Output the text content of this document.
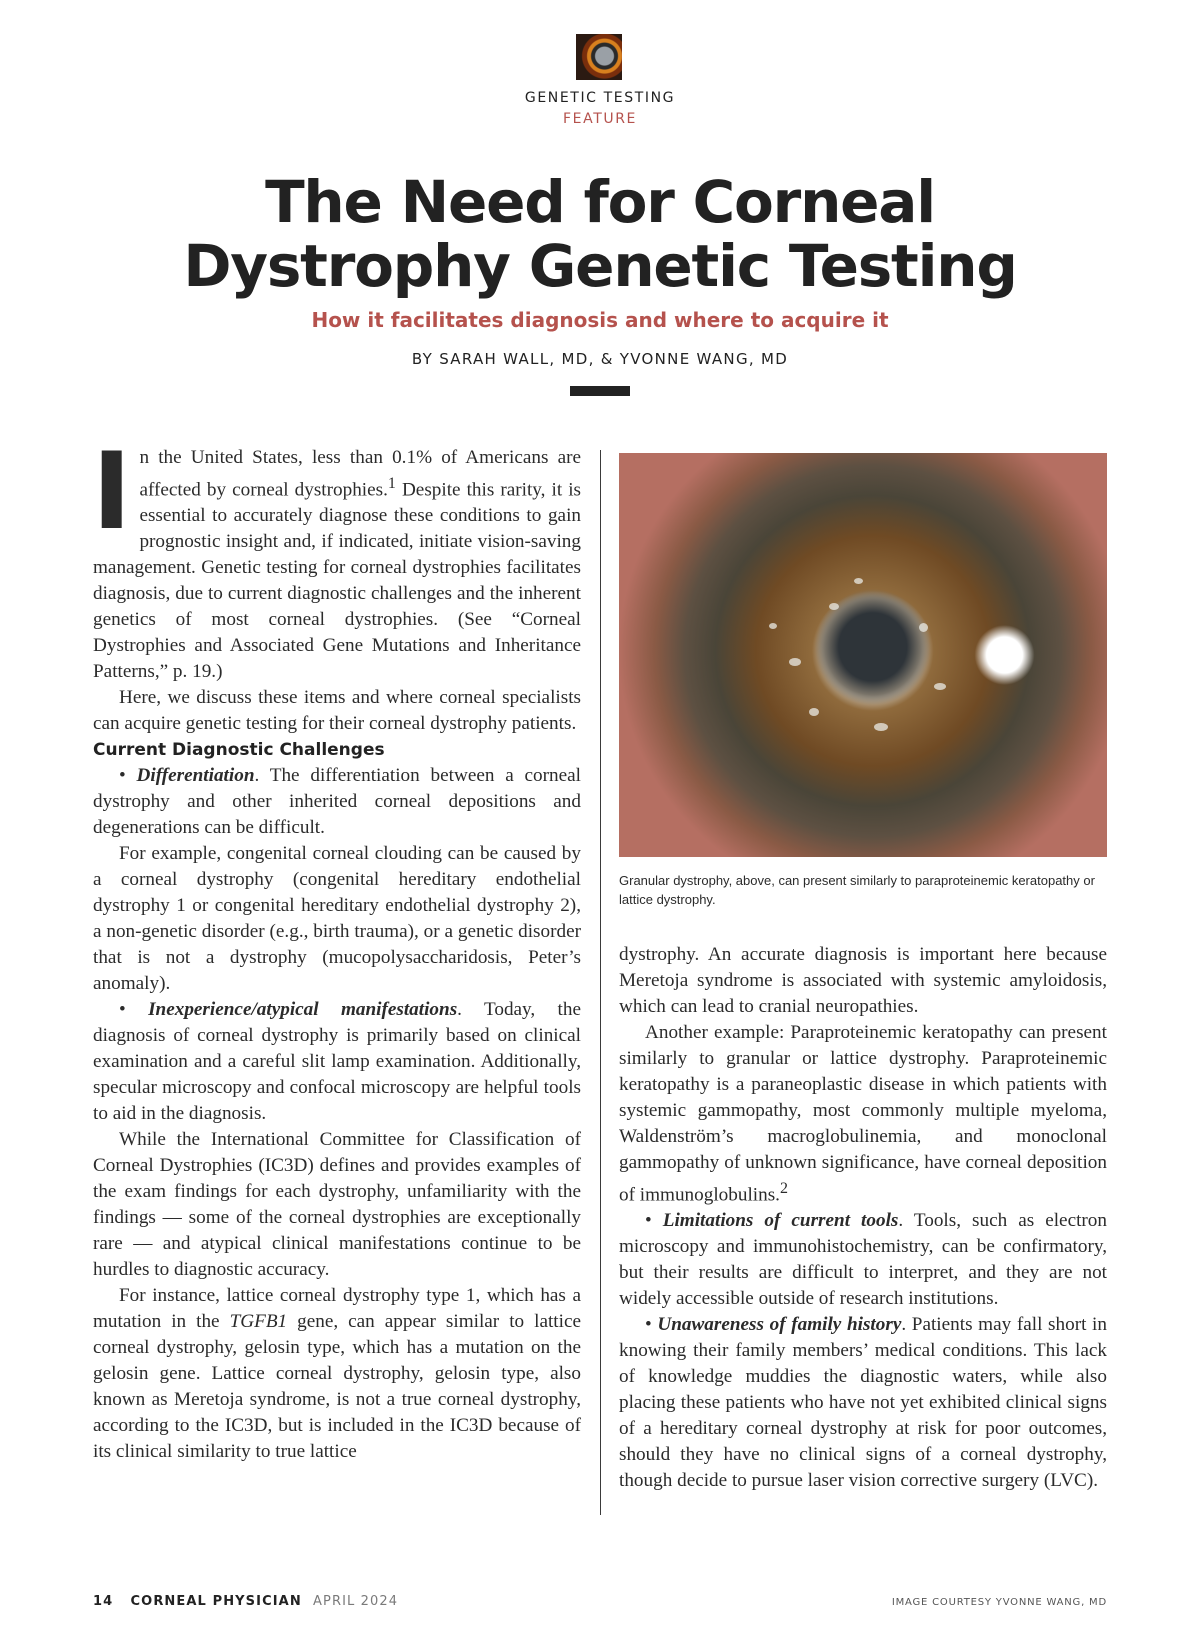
GENETIC TESTING
FEATURE
The Need for Corneal
Dystrophy Genetic Testing
How it facilitates diagnosis and where to acquire it
BY SARAH WALL, MD, & YVONNE WANG, MD

In the United States, less than 0.1% of Americans are affected by corneal dystrophies.$^1$ Despite this rarity, it is essential to accurately diagnose these conditions to gain prognostic insight and, if indicated, initiate vision-saving management. Genetic testing for corneal dystrophies facilitates diagnosis, due to current diagnostic challenges and the inherent genetics of most corneal dystrophies. (See “Corneal Dystrophies and Associated Gene Mutations and Inheritance Patterns,” p. 19.)

Here, we discuss these items and where corneal specialists can acquire genetic testing for their corneal dystrophy patients.

Current Diagnostic Challenges

• Differentiation. The differentiation between a corneal dystrophy and other inherited corneal depositions and degenerations can be difficult.

For example, congenital corneal clouding can be caused by a corneal dystrophy (congenital hereditary endothelial dystrophy 1 or congenital hereditary endothelial dystrophy 2), a non-genetic disorder (e.g., birth trauma), or a genetic disorder that is not a dystrophy (mucopolysaccharidosis, Peter’s anomaly).

• Inexperience/atypical manifestations. Today, the diagnosis of corneal dystrophy is primarily based on clinical examination and a careful slit lamp examination. Additionally, specular microscopy and confocal microscopy are helpful tools to aid in the diagnosis.

While the International Committee for Classification of Corneal Dystrophies (IC3D) defines and provides examples of the exam findings for each dystrophy, unfamiliarity with the findings — some of the corneal dystrophies are exceptionally rare — and atypical clinical manifestations continue to be hurdles to diagnostic accuracy.

For instance, lattice corneal dystrophy type 1, which has a mutation in the TGFB1 gene, can appear similar to lattice corneal dystrophy, gelosin type, which has a mutation on the gelosin gene. Lattice corneal dystrophy, gelosin type, also known as Meretoja syndrome, is not a true corneal dystrophy, according to the IC3D, but is included in the IC3D because of its clinical similarity to true lattice

Granular dystrophy, above, can present similarly to paraproteinemic keratopathy or lattice dystrophy.

dystrophy. An accurate diagnosis is important here because Meretoja syndrome is associated with systemic amyloidosis, which can lead to cranial neuropathies.

Another example: Paraproteinemic keratopathy can present similarly to granular or lattice dystrophy. Paraproteinemic keratopathy is a paraneoplastic disease in which patients with systemic gammopathy, most commonly multiple myeloma, Waldenström’s macroglobulinemia, and monoclonal gammopathy of unknown significance, have corneal deposition of immunoglobulins.$^2$

• Limitations of current tools. Tools, such as electron microscopy and immunohistochemistry, can be confirmatory, but their results are difficult to interpret, and they are not widely accessible outside of research institutions.

• Unawareness of family history. Patients may fall short in knowing their family members’ medical conditions. This lack of knowledge muddies the diagnostic waters, while also placing these patients who have not yet exhibited clinical signs of a hereditary corneal dystrophy at risk for poor outcomes, should they have no clinical signs of a corneal dystrophy, though decide to pursue laser vision corrective surgery (LVC).

14 CORNEAL PHYSICIAN APRIL 2024	IMAGE COURTESY YVONNE WANG, MD
